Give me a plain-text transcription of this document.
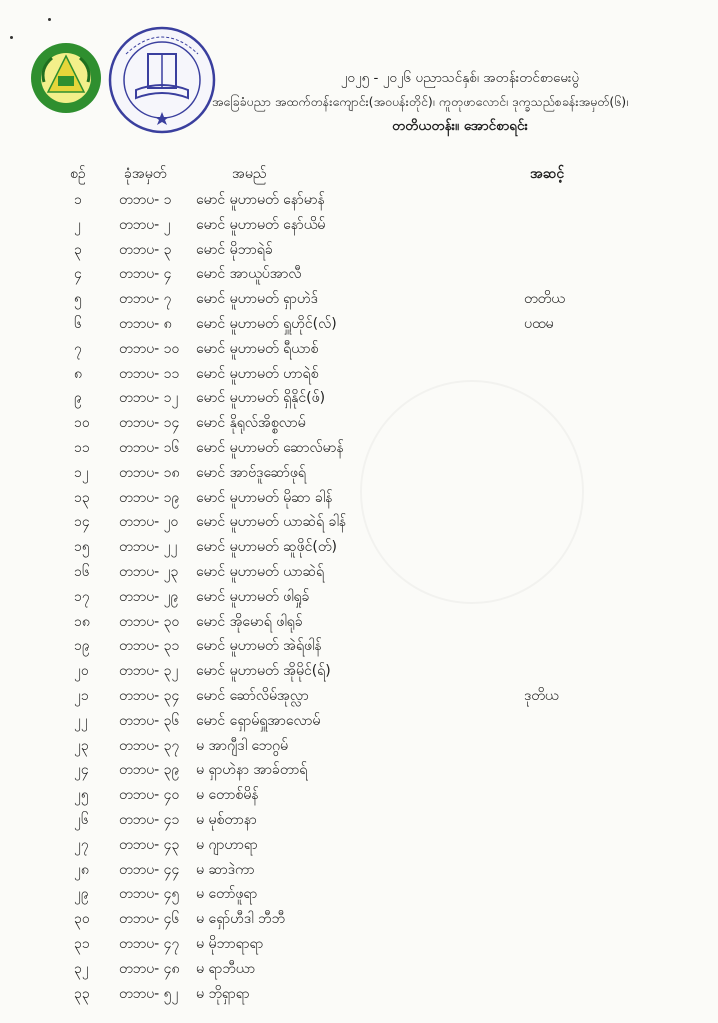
၂၀၂၅ - ၂၀၂၆ ပညာသင်နှစ်၊ အတန်းတင်စာမေးပွဲ
အခြေခံပညာ အထက်တန်းကျောင်း(အဝပန်းတိုင်)၊ ကူတုဖာလောင်၊ ဒုက္ခသည်စခန်းအမှတ်(၆)၊
တတိယတန်း။ အောင်စာရင်း
စဉ်	ခုံအမှတ်	အမည်	အဆင့်
၁	တဘပ- ၁ မောင် မူဟာမတ် နော်မာန်
၂	တဘပ- ၂ မောင် မူဟာမတ် နော်ယိမ်
၃	တဘပ- ၃ မောင် မိုဘာရဲခ်
၄	တဘပ- ၄ မောင် အာယူပ်အာလီ
၅	တဘပ- ၇ မောင် မူဟာမတ် ရှာဟဲဒ်	တတိယ
၆	တဘပ- ၈ မောင် မူဟာမတ် ရှူဟိုင်(လ်)	ပထမ
၇	တဘပ- ၁၀ မောင် မူဟာမတ် ရီယာစ်
၈	တဘပ- ၁၁ မောင် မူဟာမတ် ဟာရဲစ်
၉	တဘပ- ၁၂ မောင် မူဟာမတ် ရှိနိုင်(ဖ်)
၁၀ တဘပ- ၁၄ မောင် နိုရုလ်အိစ္စလာမ်
၁၁ တဘပ- ၁၆ မောင် မူဟာမတ် ဆောလ်မာန်
၁၂ တဘပ- ၁၈ မောင် အာဗ်ဒူဆော်ဖုရ်
၁၃ တဘပ- ၁၉ မောင် မူဟာမတ် မိုဆာ ခါန်
၁၄ တဘပ- ၂၀ မောင် မူဟာမတ် ယာဆဲရ် ခါန်
၁၅ တဘပ- ၂၂ မောင် မူဟာမတ် ဆူဖိုင်(တ်)
၁၆ တဘပ- ၂၃ မောင် မူဟာမတ် ယာဆဲရ်
၁၇ တဘပ- ၂၉ မောင် မူဟာမတ် ဖါရှုခ်
၁၈ တဘပ- ၃၀ မောင် အိုမောရ် ဖါရုခ်
၁၉ တဘပ- ၃၁ မောင် မူဟာမတ် အဲရ်ဖါန်
၂၀ တဘပ- ၃၂ မောင် မူဟာမတ် အိုမိုင်(ရ်)
၂၁ တဘပ- ၃၄ မောင် ဆော်လိမ်အုလ္လာ	ဒုတိယ
၂၂ တဘပ- ၃၆ မောင် ရှောမ်ရှူအာလောမ်
၂၃ တဘပ- ၃၇ မ အာဂျီဒါ ဘေဂွမ်
၂၄ တဘပ- ၃၉ မ ရှာဟဲနာ အာခ်တာရ်
၂၅ တဘပ- ၄၀ မ တောစ်မိန်
၂၆ တဘပ- ၄၁ မ မုစ်တာနာ
၂၇ တဘပ- ၄၃ မ ဂျာဟာရာ
၂၈ တဘပ- ၄၄ မ ဆာဒဲကာ
၂၉ တဘပ- ၄၅ မ တော်ဖူရာ
၃၀ တဘပ- ၄၆ မ ရှော်ဟီဒါ ဘီဘီ
၃၁ တဘပ- ၄၇ မ မိုဘာရာရာ
၃၂ တဘပ- ၄၈ မ ရာဘီယာ
၃၃ တဘပ- ၅၂ မ ဘိုရှာရာ
